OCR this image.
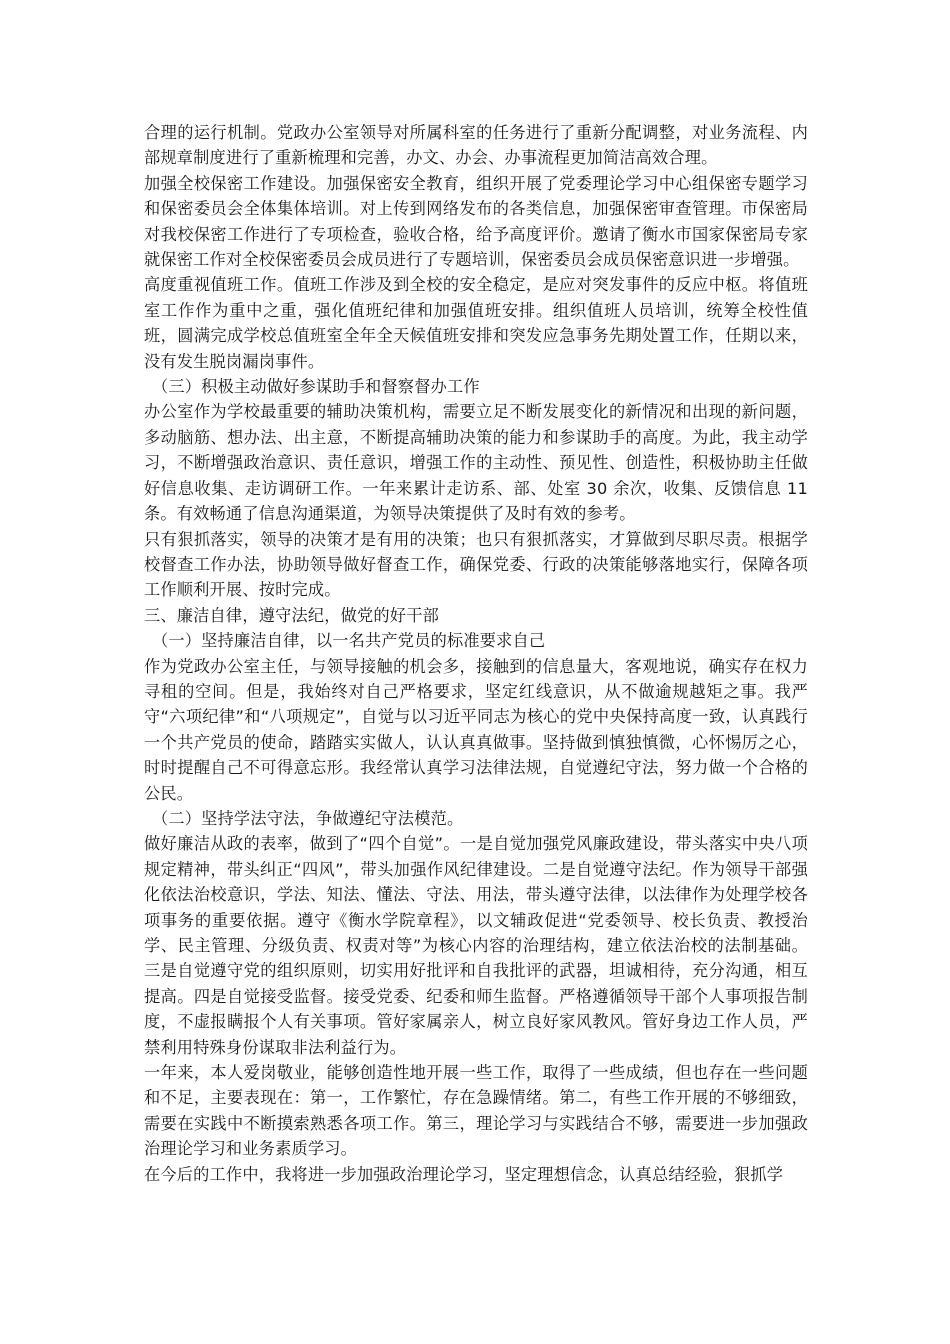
合理的运行机制。党政办公室领导对所属科室的任务进行了重新分配调整，对业务流程、内部规章制度进行了重新梳理和完善，办文、办会、办事流程更加简洁高效合理。

加强全校保密工作建设。加强保密安全教育，组织开展了党委理论学习中心组保密专题学习和保密委员会全体集体培训。对上传到网络发布的各类信息，加强保密审查管理。市保密局对我校保密工作进行了专项检查，验收合格，给予高度评价。邀请了衡水市国家保密局专家就保密工作对全校保密委员会成员进行了专题培训，保密委员会成员保密意识进一步增强。

高度重视值班工作。值班工作涉及到全校的安全稳定，是应对突发事件的反应中枢。将值班室工作作为重中之重，强化值班纪律和加强值班安排。组织值班人员培训，统筹全校性值班，圆满完成学校总值班室全年全天候值班安排和突发应急事务先期处置工作，任期以来，没有发生脱岗漏岗事件。

（三）积极主动做好参谋助手和督察督办工作

办公室作为学校最重要的辅助决策机构，需要立足不断发展变化的新情况和出现的新问题，多动脑筋、想办法、出主意，不断提高辅助决策的能力和参谋助手的高度。为此，我主动学习，不断增强政治意识、责任意识，增强工作的主动性、预见性、创造性，积极协助主任做好信息收集、走访调研工作。一年来累计走访系、部、处室 30 余次，收集、反馈信息 11 条。有效畅通了信息沟通渠道，为领导决策提供了及时有效的参考。

只有狠抓落实，领导的决策才是有用的决策；也只有狠抓落实，才算做到尽职尽责。根据学校督查工作办法，协助领导做好督查工作，确保党委、行政的决策能够落地实行，保障各项工作顺利开展、按时完成。

三、廉洁自律，遵守法纪，做党的好干部

（一）坚持廉洁自律，以一名共产党员的标准要求自己

作为党政办公室主任，与领导接触的机会多，接触到的信息量大，客观地说，确实存在权力寻租的空间。但是，我始终对自己严格要求，坚定红线意识，从不做逾规越矩之事。我严守“六项纪律”和“八项规定”，自觉与以习近平同志为核心的党中央保持高度一致，认真践行一个共产党员的使命，踏踏实实做人，认认真真做事。坚持做到慎独慎微，心怀惕厉之心，时时提醒自己不可得意忘形。我经常认真学习法律法规，自觉遵纪守法，努力做一个合格的公民。

（二）坚持学法守法，争做遵纪守法模范。

做好廉洁从政的表率，做到了“四个自觉”。一是自觉加强党风廉政建设，带头落实中央八项规定精神，带头纠正“四风”，带头加强作风纪律建设。二是自觉遵守法纪。作为领导干部强化依法治校意识，学法、知法、懂法、守法、用法，带头遵守法律，以法律作为处理学校各项事务的重要依据。遵守《衡水学院章程》，以文辅政促进“党委领导、校长负责、教授治学、民主管理、分级负责、权责对等”为核心内容的治理结构，建立依法治校的法制基础。三是自觉遵守党的组织原则，切实用好批评和自我批评的武器，坦诚相待，充分沟通，相互提高。四是自觉接受监督。接受党委、纪委和师生监督。严格遵循领导干部个人事项报告制度，不虚报瞒报个人有关事项。管好家属亲人，树立良好家风教风。管好身边工作人员，严禁利用特殊身份谋取非法利益行为。

一年来，本人爱岗敬业，能够创造性地开展一些工作，取得了一些成绩，但也存在一些问题和不足，主要表现在：第一，工作繁忙，存在急躁情绪。第二，有些工作开展的不够细致，需要在实践中不断摸索熟悉各项工作。第三，理论学习与实践结合不够，需要进一步加强政治理论学习和业务素质学习。

在今后的工作中，我将进一步加强政治理论学习，坚定理想信念，认真总结经验，狠抓学
